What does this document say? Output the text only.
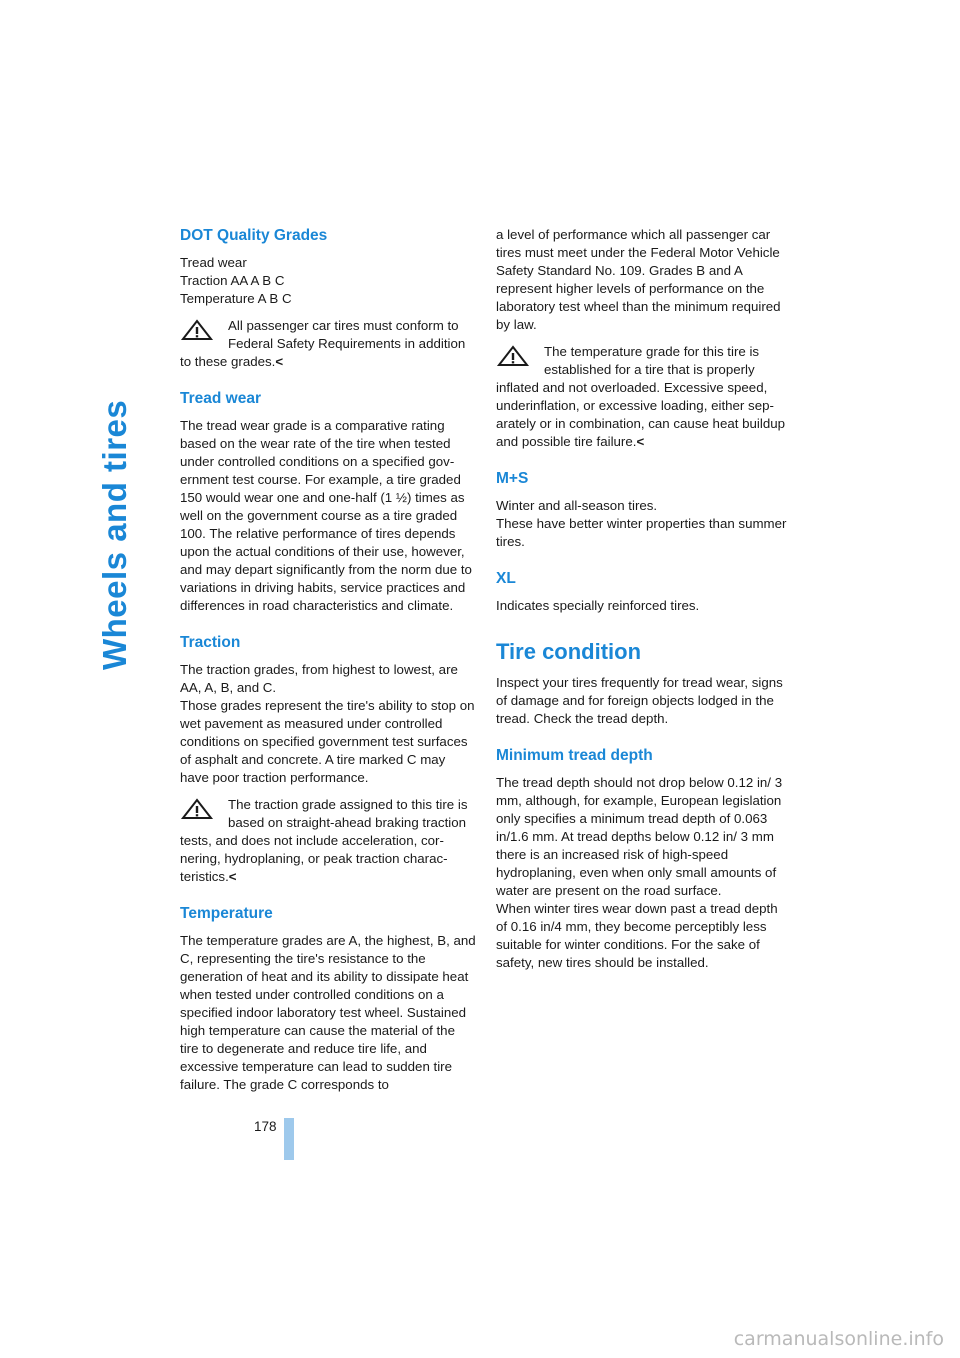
Wheels and tires
DOT Quality Grades

Tread wear

Traction AA A B C

Temperature A B C

All passenger car tires must conform to Federal Safety Requirements in addition to these grades.<

Tread wear

The tread wear grade is a comparative rating based on the wear rate of the tire when tested under controlled conditions on a specified government test course. For example, a tire graded 150 would wear one and one-half (1 ½) times as well on the government course as a tire graded 100. The relative performance of tires depends upon the actual conditions of their use, however, and may depart significantly from the norm due to variations in driving habits, service practices and differences in road characteristics and climate.

Traction

The traction grades, from highest to lowest, are AA, A, B, and C.

Those grades represent the tire's ability to stop on wet pavement as measured under controlled conditions on specified government test surfaces of asphalt and concrete. A tire marked C may have poor traction performance.

The traction grade assigned to this tire is based on straight-ahead braking traction tests, and does not include acceleration, cornering, hydroplaning, or peak traction characteristics.<

Temperature

The temperature grades are A, the highest, B, and C, representing the tire's resistance to the generation of heat and its ability to dissipate heat when tested under controlled conditions on a specified indoor laboratory test wheel. Sustained high temperature can cause the material of the tire to degenerate and reduce tire life, and excessive temperature can lead to sudden tire failure. The grade C corresponds to

a level of performance which all passenger car tires must meet under the Federal Motor Vehicle Safety Standard No. 109. Grades B and A represent higher levels of performance on the laboratory test wheel than the minimum required by law.

The temperature grade for this tire is established for a tire that is properly inflated and not overloaded. Excessive speed, underinflation, or excessive loading, either separately or in combination, can cause heat buildup and possible tire failure.<

M+S

Winter and all-season tires.

These have better winter properties than summer tires.

XL

Indicates specially reinforced tires.

Tire condition

Inspect your tires frequently for tread wear, signs of damage and for foreign objects lodged in the tread. Check the tread depth.

Minimum tread depth

The tread depth should not drop below 0.12 in/ 3 mm, although, for example, European legislation only specifies a minimum tread depth of 0.063 in/1.6 mm. At tread depths below 0.12 in/ 3 mm there is an increased risk of high-speed hydroplaning, even when only small amounts of water are present on the road surface.

When winter tires wear down past a tread depth of 0.16 in/4 mm, they become perceptibly less suitable for winter conditions. For the sake of safety, new tires should be installed.

178
carmanualsonline.info
